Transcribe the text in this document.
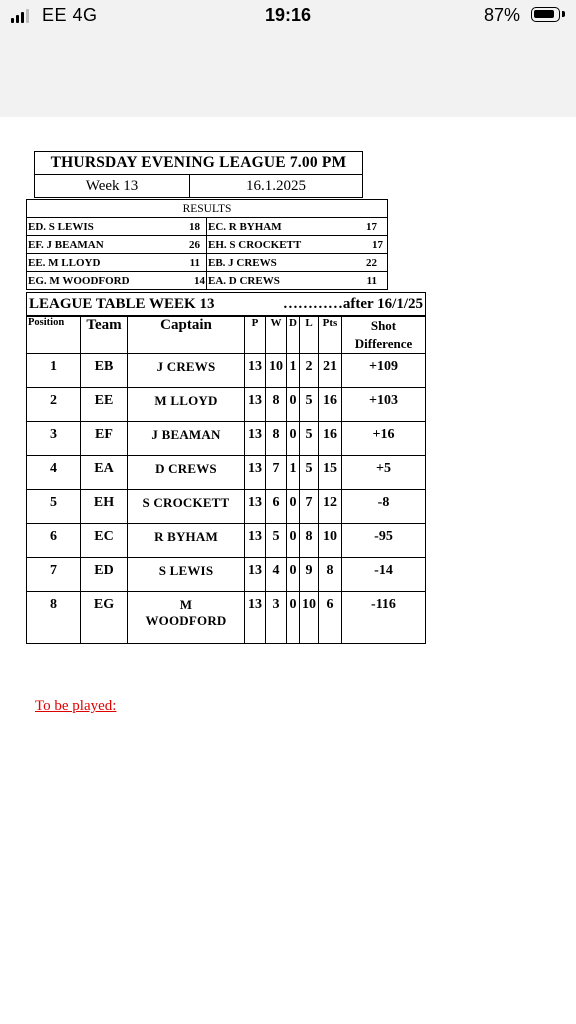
EE 4G	19:16	87%
THURSDAY EVENING LEAGUE 7.00 PM
Week 13	16.1.2025
RESULTS			
ED. S LEWIS	18	EC. R BYHAM	17
EF. J BEAMAN	26	EH. S CROCKETT	17
EE. M LLOYD	11	EB. J CREWS	22
EG. M WOODFORD	14	EA. D CREWS	11
LEAGUE TABLE WEEK 13	…………after 16/1/25
Position	Team	Captain	P	W	D	L	Pts	Shot
Difference
1	EB	J CREWS	13	10	1	2	21	+109
2	EE	M LLOYD	13	8	0	5	16	+103
3	EF	J BEAMAN	13	8	0	5	16	+16
4	EA	D CREWS	13	7	1	5	15	+5
5	EH	S CROCKETT	13	6	0	7	12	-8
6	EC	R BYHAM	13	5	0	8	10	-95
7	ED	S LEWIS	13	4	0	9	8	-14
8	EG	M
WOODFORD	13	3	0	10	6	-116
To be played:
